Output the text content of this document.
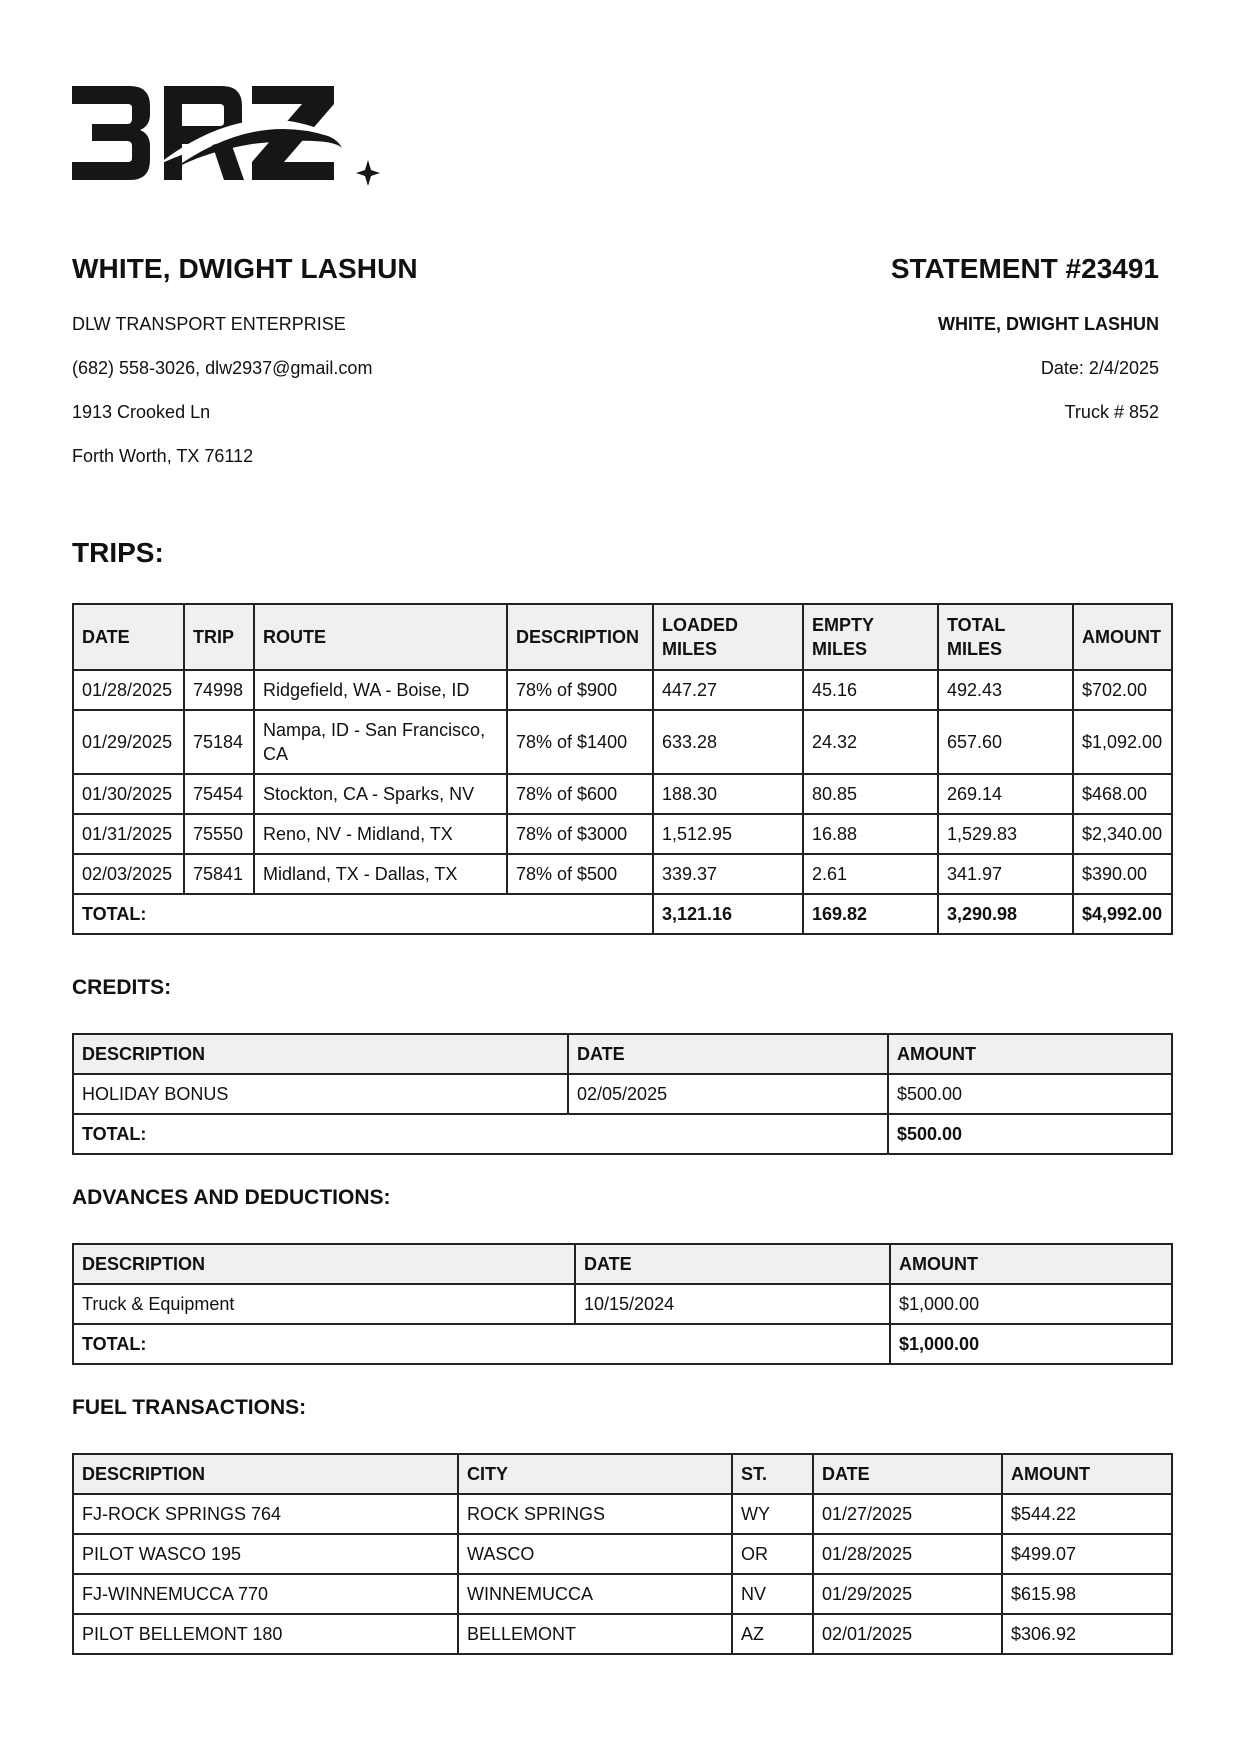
WHITE, DWIGHT LASHUN
DLW TRANSPORT ENTERPRISE
(682) 558-3026, dlw2937@gmail.com
1913 Crooked Ln
Forth Worth, TX 76112
STATEMENT #23491
WHITE, DWIGHT LASHUN
Date: 2/4/2025
Truck # 852
TRIPS:
DATE	TRIP	ROUTE	DESCRIPTION	LOADED MILES	EMPTY MILES	TOTAL MILES	AMOUNT
01/28/2025	74998	Ridgefield, WA - Boise, ID	78% of $900	447.27	45.16	492.43	$702.00
01/29/2025	75184	Nampa, ID - San Francisco, CA	78% of $1400	633.28	24.32	657.60	$1,092.00
01/30/2025	75454	Stockton, CA - Sparks, NV	78% of $600	188.30	80.85	269.14	$468.00
01/31/2025	75550	Reno, NV - Midland, TX	78% of $3000	1,512.95	16.88	1,529.83	$2,340.00
02/03/2025	75841	Midland, TX - Dallas, TX	78% of $500	339.37	2.61	341.97	$390.00
TOTAL:				3,121.16	169.82	3,290.98	$4,992.00
CREDITS:
DESCRIPTION	DATE	AMOUNT
HOLIDAY BONUS	02/05/2025	$500.00
TOTAL:		$500.00
ADVANCES AND DEDUCTIONS:
DESCRIPTION	DATE	AMOUNT
Truck & Equipment	10/15/2024	$1,000.00
TOTAL:		$1,000.00
FUEL TRANSACTIONS:
DESCRIPTION	CITY	ST.	DATE	AMOUNT
FJ-ROCK SPRINGS 764	ROCK SPRINGS	WY	01/27/2025	$544.22
PILOT WASCO 195	WASCO	OR	01/28/2025	$499.07
FJ-WINNEMUCCA 770	WINNEMUCCA	NV	01/29/2025	$615.98
PILOT BELLEMONT 180	BELLEMONT	AZ	02/01/2025	$306.92
